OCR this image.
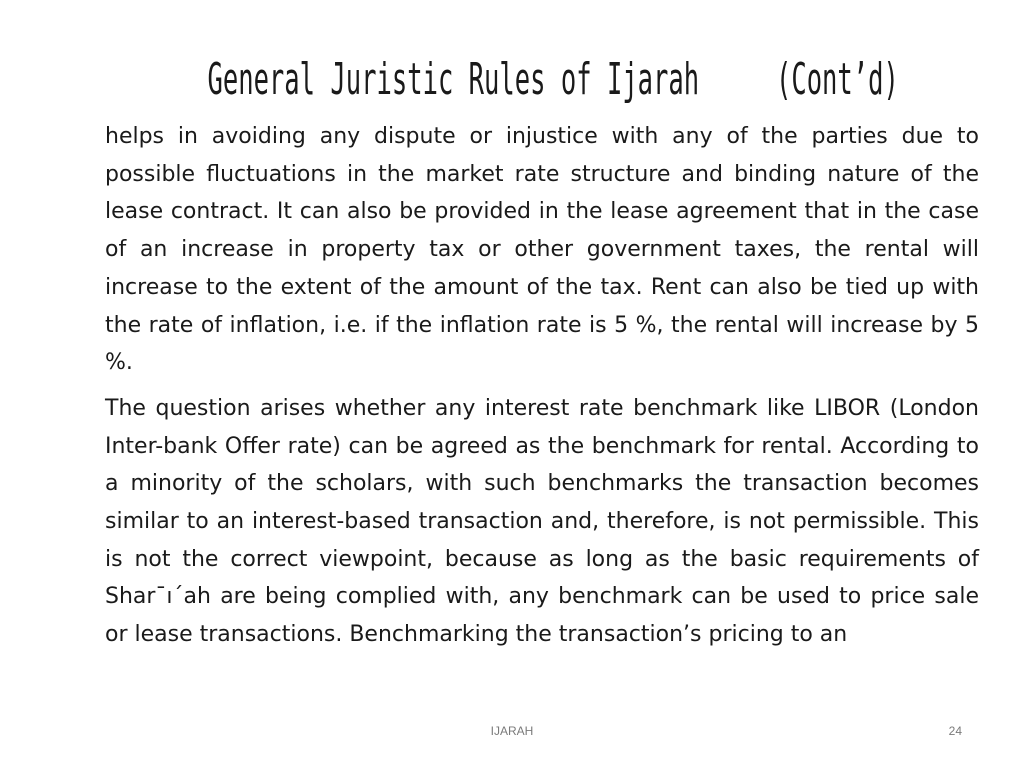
General Juristic Rules of Ijarah     (Cont’d)

helps in avoiding any dispute or injustice with any of the parties due to possible fluctuations in the market rate structure and binding nature of the lease contract. It can also be provided in the lease agreement that in the case of an increase in property tax or other government taxes, the rental will increase to the extent of the amount of the tax. Rent can also be tied up with the rate of inflation, i.e. if the inflation rate is 5 %, the rental will increase by 5 %.

The question arises whether any interest rate benchmark like LIBOR (London Inter-bank Offer rate) can be agreed as the benchmark for rental. According to a minority of the scholars, with such benchmarks the transaction becomes similar to an interest-based transaction and, therefore, is not permissible. This is not the correct viewpoint, because as long as the basic requirements of Shar¯ı´ah are being complied with, any benchmark can be used to price sale or lease transactions. Benchmarking the transaction’s pricing to an

IJARAH	24
